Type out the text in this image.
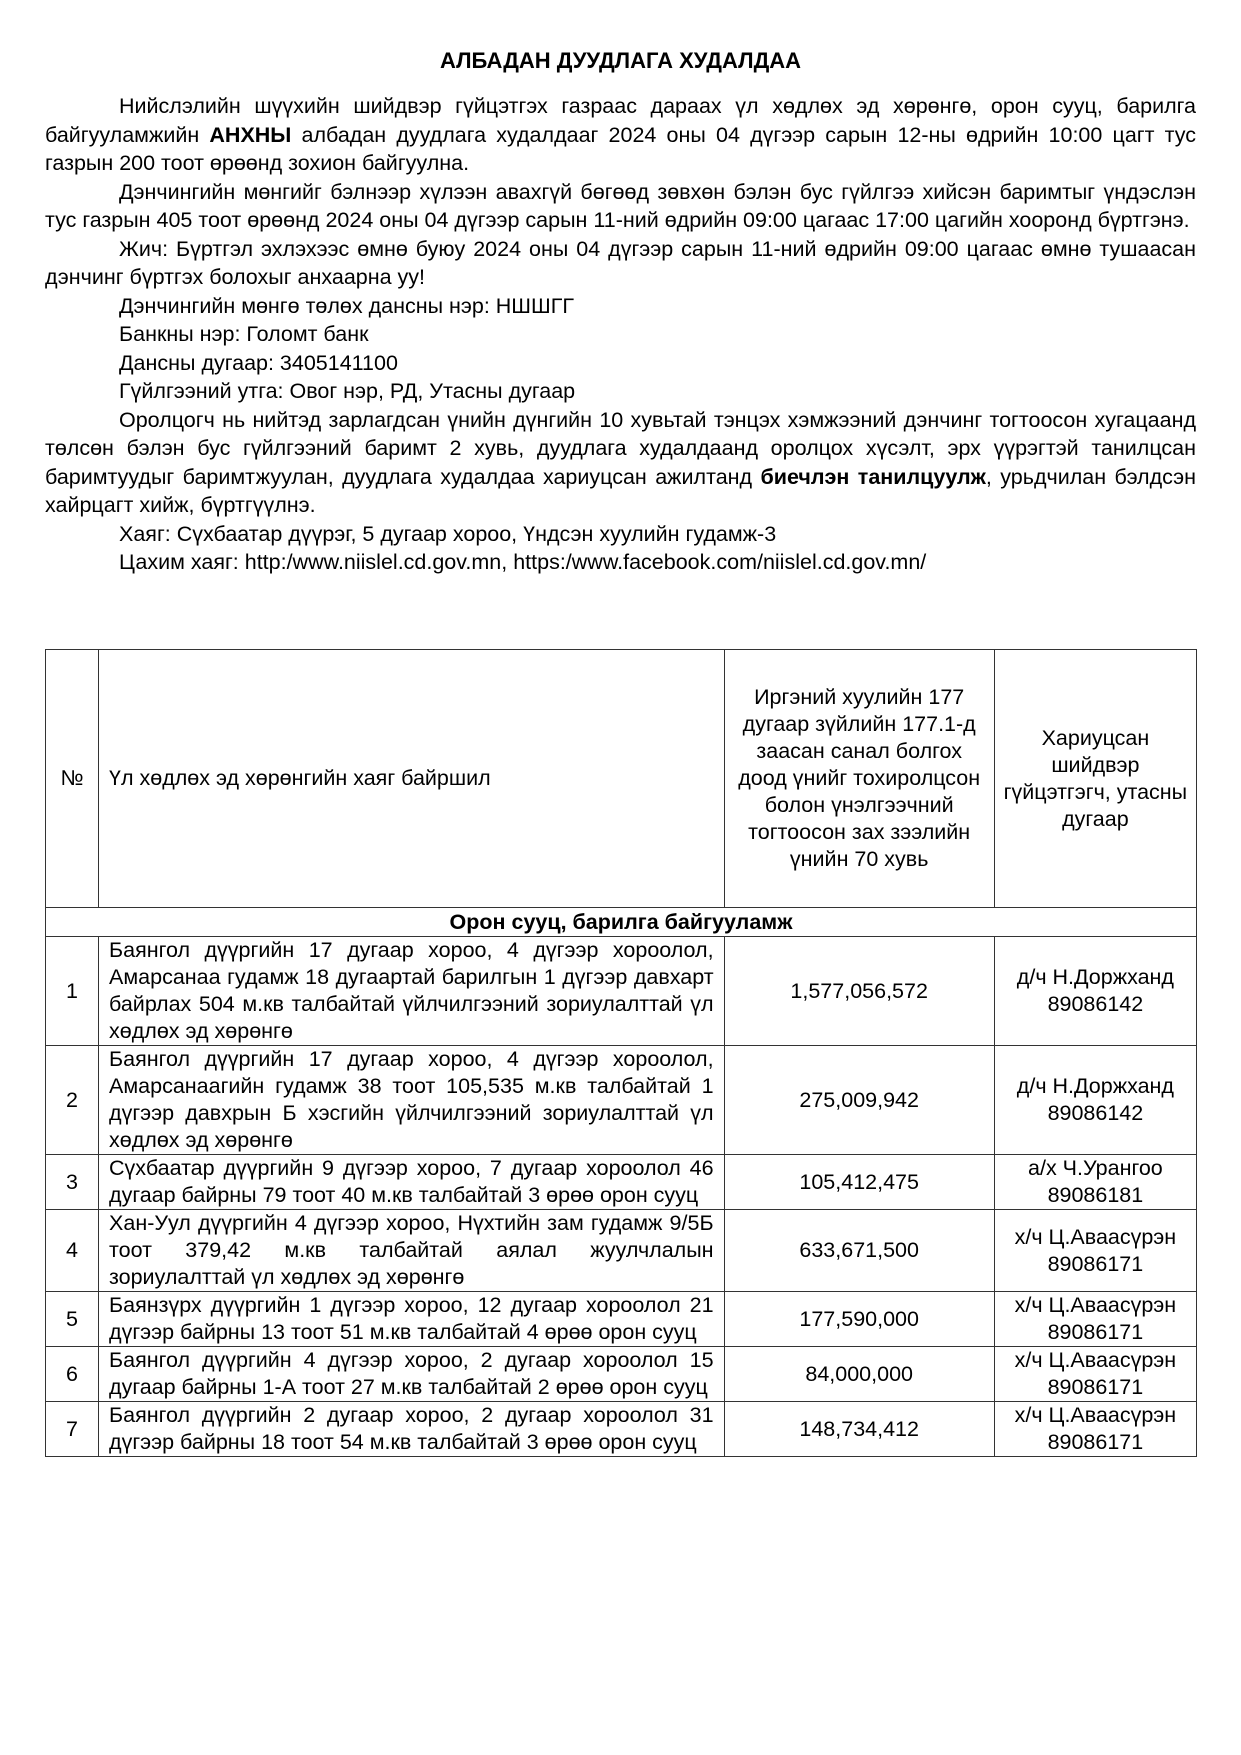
АЛБАДАН ДУУДЛАГА ХУДАЛДАА

Нийслэлийн шүүхийн шийдвэр гүйцэтгэх газраас дараах үл хөдлөх эд хөрөнгө, орон сууц, барилга байгууламжийн АНХНЫ албадан дуудлага худалдааг 2024 оны 04 дүгээр сарын 12-ны өдрийн 10:00 цагт тус газрын 200 тоот өрөөнд зохион байгуулна.

Дэнчингийн мөнгийг бэлнээр хүлээн авахгүй бөгөөд зөвхөн бэлэн бус гүйлгээ хийсэн баримтыг үндэслэн тус газрын 405 тоот өрөөнд 2024 оны 04 дүгээр сарын 11-ний өдрийн 09:00 цагаас 17:00 цагийн хооронд бүртгэнэ.

Жич: Бүртгэл эхлэхээс өмнө буюу 2024 оны 04 дүгээр сарын 11-ний өдрийн 09:00 цагаас өмнө тушаасан дэнчинг бүртгэх болохыг анхаарна уу!

Дэнчингийн мөнгө төлөх дансны нэр: НШШГГ

Банкны нэр: Голомт банк

Дансны дугаар: 3405141100

Гүйлгээний утга: Овог нэр, РД, Утасны дугаар

Оролцогч нь нийтэд зарлагдсан үнийн дүнгийн 10 хувьтай тэнцэх хэмжээний дэнчинг тогтоосон хугацаанд төлсөн бэлэн бус гүйлгээний баримт 2 хувь, дуудлага худалдаанд оролцох хүсэлт, эрх үүрэгтэй танилцсан баримтуудыг баримтжуулан, дуудлага худалдаа хариуцсан ажилтанд биечлэн танилцуулж, урьдчилан бэлдсэн хайрцагт хийж, бүртгүүлнэ.

Хаяг: Сүхбаатар дүүрэг, 5 дугаар хороо, Үндсэн хуулийн гудамж-3

Цахим хаяг: http:/www.niislel.cd.gov.mn, https:/www.facebook.com/niislel.cd.gov.mn/

№	Үл хөдлөх эд хөрөнгийн хаяг байршил	Иргэний хуулийн 177 дугаар зүйлийн 177.1-д заасан санал болгох доод үнийг тохиролцсон болон үнэлгээчний тогтоосон зах зээлийн үнийн 70 хувь	Хариуцсан шийдвэр гүйцэтгэгч, утасны дугаар
Орон сууц, барилга байгууламж			
1	Баянгол дүүргийн 17 дугаар хороо, 4 дүгээр хороолол, Амарсанаа гудамж 18 дугаартай барилгын 1 дүгээр давхарт байрлах 504 м.кв талбайтай үйлчилгээний зориулалттай үл хөдлөх эд хөрөнгө	1,577,056,572	д/ч Н.Доржханд 89086142
2	Баянгол дүүргийн 17 дугаар хороо, 4 дүгээр хороолол, Амарсанаагийн гудамж 38 тоот 105,535 м.кв талбайтай 1 дүгээр давхрын Б хэсгийн үйлчилгээний зориулалттай үл хөдлөх эд хөрөнгө	275,009,942	д/ч Н.Доржханд 89086142
3	Сүхбаатар дүүргийн 9 дүгээр хороо, 7 дугаар хороолол 46 дугаар байрны 79 тоот 40 м.кв талбайтай 3 өрөө орон сууц	105,412,475	а/х Ч.Урангоо 89086181
4	Хан-Уул дүүргийн 4 дүгээр хороо, Нүхтийн зам гудамж 9/5Б тоот 379,42 м.кв талбайтай аялал жуулчлалын зориулалттай үл хөдлөх эд хөрөнгө	633,671,500	х/ч Ц.Аваасүрэн 89086171
5	Баянзүрх дүүргийн 1 дүгээр хороо, 12 дугаар хороолол 21 дүгээр байрны 13 тоот 51 м.кв талбайтай 4 өрөө орон сууц	177,590,000	х/ч Ц.Аваасүрэн 89086171
6	Баянгол дүүргийн 4 дүгээр хороо, 2 дугаар хороолол 15 дугаар байрны 1-А тоот 27 м.кв талбайтай 2 өрөө орон сууц	84,000,000	х/ч Ц.Аваасүрэн 89086171
7	Баянгол дүүргийн 2 дугаар хороо, 2 дугаар хороолол 31 дүгээр байрны 18 тоот 54 м.кв талбайтай 3 өрөө орон сууц	148,734,412	х/ч Ц.Аваасүрэн 89086171
